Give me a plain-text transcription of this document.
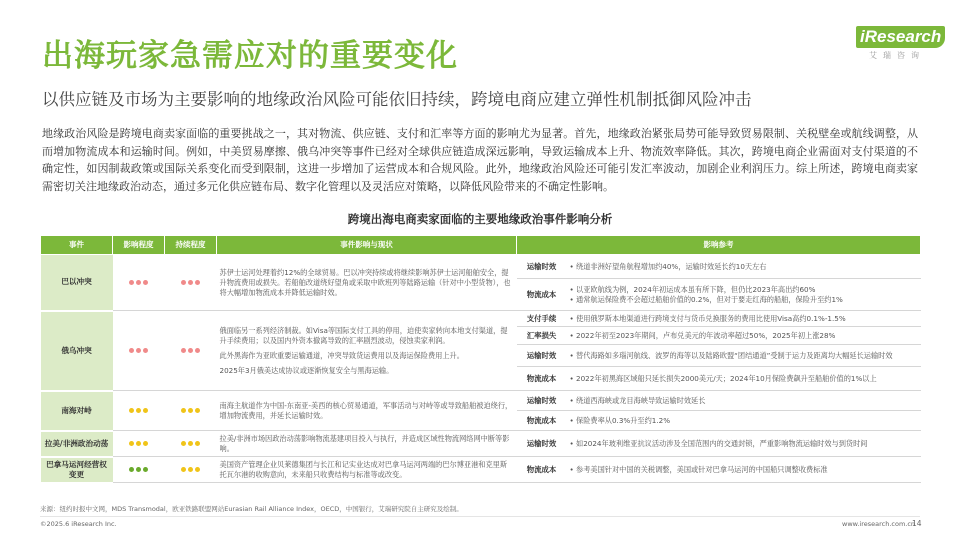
出海玩家急需应对的重要变化
iResearch
艾瑞咨询
以供应链及市场为主要影响的地缘政治风险可能依旧持续，跨境电商应建立弹性机制抵御风险冲击
地缘政治风险是跨境电商卖家面临的重要挑战之一，其对物流、供应链、支付和汇率等方面的影响尤为显著。首先，地缘政治紧张局势可能导致贸易限制、关税壁垒或航线调整，从而增加物流成本和运输时间。例如，中美贸易摩擦、俄乌冲突等事件已经对全球供应链造成深远影响，导致运输成本上升、物流效率降低。其次，跨境电商企业需面对支付渠道的不确定性，如因制裁政策或国际关系变化而受到限制，这进一步增加了运营成本和合规风险。此外，地缘政治风险还可能引发汇率波动，加剧企业利润压力。综上所述，跨境电商卖家需密切关注地缘政治动态，通过多元化供应链布局、数字化管理以及灵活应对策略，以降低风险带来的不确定性影响。
跨境出海电商卖家面临的主要地缘政治事件影响分析
事件	影响程度	持续程度	事件影响与现状	影响参考	
巴以冲突			苏伊士运河处理着约12%的全球贸易。巴以冲突持续或将继续影响苏伊士运河船舶安全，提升物流费用或损失。若船舶改道绕好望角或采取中欧班列等陆路运输（针对中小型货物），也将大幅增加物流成本并降低运输时效。	运输时效	• 绕道非洲好望角航程增加约40%，运输时效延长约10天左右
				物流成本	• 以亚欧航线为例，2024年初运成本虽有所下降，但仍比2023年高出约60%
• 通常航运保险费不会超过船舶价值的0.2%，但对于要走红海的船舶，保险升至约1%
俄乌冲突			俄面临另一系列经济制裁。如Visa等国际支付工具的停用，迫使卖家转向本地支付渠道，提升手续费用；以及国内外资本撤离导致的汇率剧烈波动，侵蚀卖家利润。

此外黑海作为亚欧重要运输通道，冲突导致货运费用以及海运保险费用上升。

2025年3月俄美达成协议或逐渐恢复安全与黑海运输。	支付手续	• 使用俄罗斯本地渠道进行跨境支付与货币兑换服务的费用比使用Visa高约0.1%-1.5%
				汇率损失	• 2022年初至2023年期间，卢布兑美元的年波动率超过50%，2025年初上涨28%
				运输时效	• 替代海路如多瑙河航线、波罗的海等以及陆路欧盟“团结通道”受制于运力及距离均大幅延长运输时效
				物流成本	• 2022年初黑海区域船只延长损失2000美元/天；2024年10月保险费飙升至船舶价值的1%以上
南海对峙			南海主航道作为中国-东南亚-美西的核心贸易通道，军事活动与对峙等或导致船舶被迫绕行，增加物流费用，并延长运输时效。	运输时效	• 绕道西海峡或龙目海峡导致运输时效延长
				物流成本	• 保险费率从0.3%升至约1.2%
拉美/非洲政治动荡			拉美/非洲市场因政治动荡影响物流基建项目投入与执行，并造成区域性物流网络网中断等影响。	运输时效	• 如2024年玻利维亚抗议活动涉及全国范围内的交通封锁，严重影响物流运输时效与到货时间
巴拿马运河经营权变更			美国资产管理企业贝莱德集团与长江和记实业达成对巴拿马运河两端的巴尔博亚港和克里斯托瓦尔港的收购意向，未来船只收费结构与标准等或改变。	物流成本	• 参考美国针对中国的关税调整，美国或针对巴拿马运河的中国船只调整收费标准
来源：纽约时报中文网，MDS Transmodal，欧亚铁路联盟网站Eurasian Rail Alliance Index，OECD，中国银行，艾瑞研究院自主研究及绘制。
©2025.6 iResearch Inc.	www.iresearch.com.cn
14
